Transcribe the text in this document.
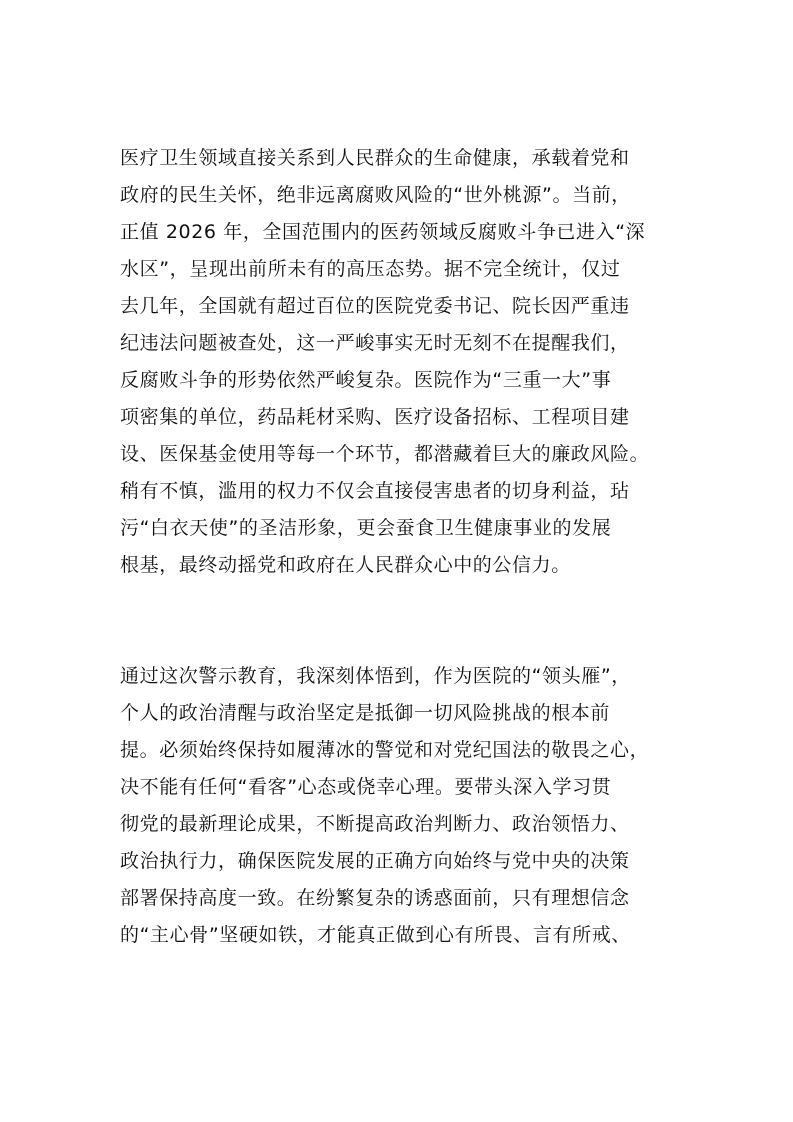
医疗卫生领域直接关系到人民群众的生命健康，承载着党和
政府的民生关怀，绝非远离腐败风险的“世外桃源”。当前，
正值 2026 年，全国范围内的医药领域反腐败斗争已进入“深
水区”，呈现出前所未有的高压态势。据不完全统计，仅过
去几年，全国就有超过百位的医院党委书记、院长因严重违
纪违法问题被查处，这一严峻事实无时无刻不在提醒我们，
反腐败斗争的形势依然严峻复杂。医院作为“三重一大”事
项密集的单位，药品耗材采购、医疗设备招标、工程项目建
设、医保基金使用等每一个环节，都潜藏着巨大的廉政风险。
稍有不慎，滥用的权力不仅会直接侵害患者的切身利益，玷
污“白衣天使”的圣洁形象，更会蚕食卫生健康事业的发展
根基，最终动摇党和政府在人民群众心中的公信力。
通过这次警示教育，我深刻体悟到，作为医院的“领头雁”，
个人的政治清醒与政治坚定是抵御一切风险挑战的根本前
提。必须始终保持如履薄冰的警觉和对党纪国法的敬畏之心，
决不能有任何“看客”心态或侥幸心理。要带头深入学习贯
彻党的最新理论成果，不断提高政治判断力、政治领悟力、
政治执行力，确保医院发展的正确方向始终与党中央的决策
部署保持高度一致。在纷繁复杂的诱惑面前，只有理想信念
的“主心骨”坚硬如铁，才能真正做到心有所畏、言有所戒、
